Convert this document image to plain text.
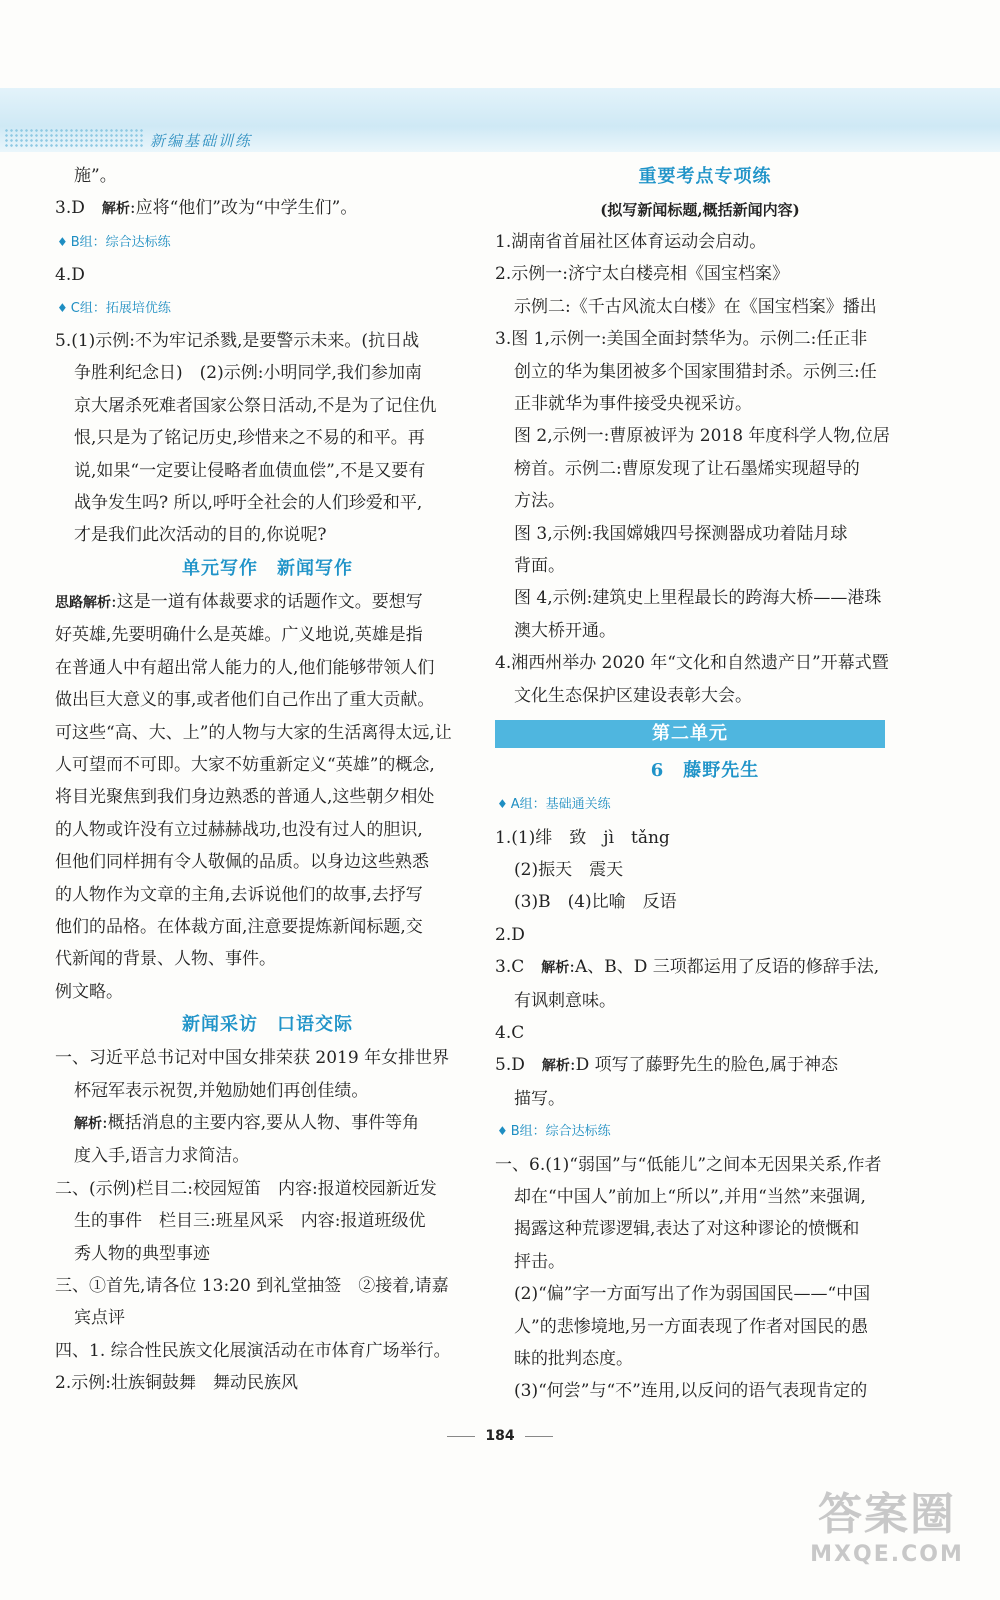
新编基础训练
施”。
3.D　解析:应将“他们”改为“中学生们”。
♦ B组：综合达标练
4.D
♦ C组：拓展培优练
5.(1)示例:不为牢记杀戮,是要警示未来。(抗日战
争胜利纪念日)　(2)示例:小明同学,我们参加南
京大屠杀死难者国家公祭日活动,不是为了记住仇
恨,只是为了铭记历史,珍惜来之不易的和平。再
说,如果“一定要让侵略者血债血偿”,不是又要有
战争发生吗? 所以,呼吁全社会的人们珍爱和平,
才是我们此次活动的目的,你说呢?
单元写作　新闻写作
思路解析:这是一道有体裁要求的话题作文。要想写
好英雄,先要明确什么是英雄。广义地说,英雄是指
在普通人中有超出常人能力的人,他们能够带领人们
做出巨大意义的事,或者他们自己作出了重大贡献。
可这些“高、大、上”的人物与大家的生活离得太远,让
人可望而不可即。大家不妨重新定义“英雄”的概念,
将目光聚焦到我们身边熟悉的普通人,这些朝夕相处
的人物或许没有立过赫赫战功,也没有过人的胆识,
但他们同样拥有令人敬佩的品质。以身边这些熟悉
的人物作为文章的主角,去诉说他们的故事,去抒写
他们的品格。在体裁方面,注意要提炼新闻标题,交
代新闻的背景、人物、事件。
例文略。
新闻采访　口语交际
一、习近平总书记对中国女排荣获 2019 年女排世界
杯冠军表示祝贺,并勉励她们再创佳绩。
解析:概括消息的主要内容,要从人物、事件等角
度入手,语言力求简洁。
二、(示例)栏目二:校园短笛　内容:报道校园新近发
生的事件　栏目三:班星风采　内容:报道班级优
秀人物的典型事迹
三、①首先,请各位 13:20 到礼堂抽签　②接着,请嘉
宾点评
四、1. 综合性民族文化展演活动在市体育广场举行。
2.示例:壮族铜鼓舞　舞动民族风
重要考点专项练
(拟写新闻标题,概括新闻内容)
1.湖南省首届社区体育运动会启动。
2.示例一:济宁太白楼亮相《国宝档案》
示例二:《千古风流太白楼》在《国宝档案》播出
3.图 1,示例一:美国全面封禁华为。示例二:任正非
创立的华为集团被多个国家围猎封杀。示例三:任
正非就华为事件接受央视采访。
图 2,示例一:曹原被评为 2018 年度科学人物,位居
榜首。示例二:曹原发现了让石墨烯实现超导的
方法。
图 3,示例:我国嫦娥四号探测器成功着陆月球
背面。
图 4,示例:建筑史上里程最长的跨海大桥——港珠
澳大桥开通。
4.湘西州举办 2020 年“文化和自然遗产日”开幕式暨
文化生态保护区建设表彰大会。
第二单元
6　藤野先生
♦ A组：基础通关练
1.(1)绯　致　jì　tǎng
(2)振天　震天
(3)B　(4)比喻　反语
2.D
3.C　解析:A、B、D 三项都运用了反语的修辞手法,
有讽刺意味。
4.C
5.D　解析:D 项写了藤野先生的脸色,属于神态
描写。
♦ B组：综合达标练
一、6.(1)“弱国”与“低能儿”之间本无因果关系,作者
却在“中国人”前加上“所以”,并用“当然”来强调,
揭露这种荒谬逻辑,表达了对这种谬论的愤慨和
抨击。
(2)“偏”字一方面写出了作为弱国国民——“中国
人”的悲惨境地,另一方面表现了作者对国民的愚
昧的批判态度。
(3)“何尝”与“不”连用,以反问的语气表现肯定的
184
答案圈
MXQE.COM
